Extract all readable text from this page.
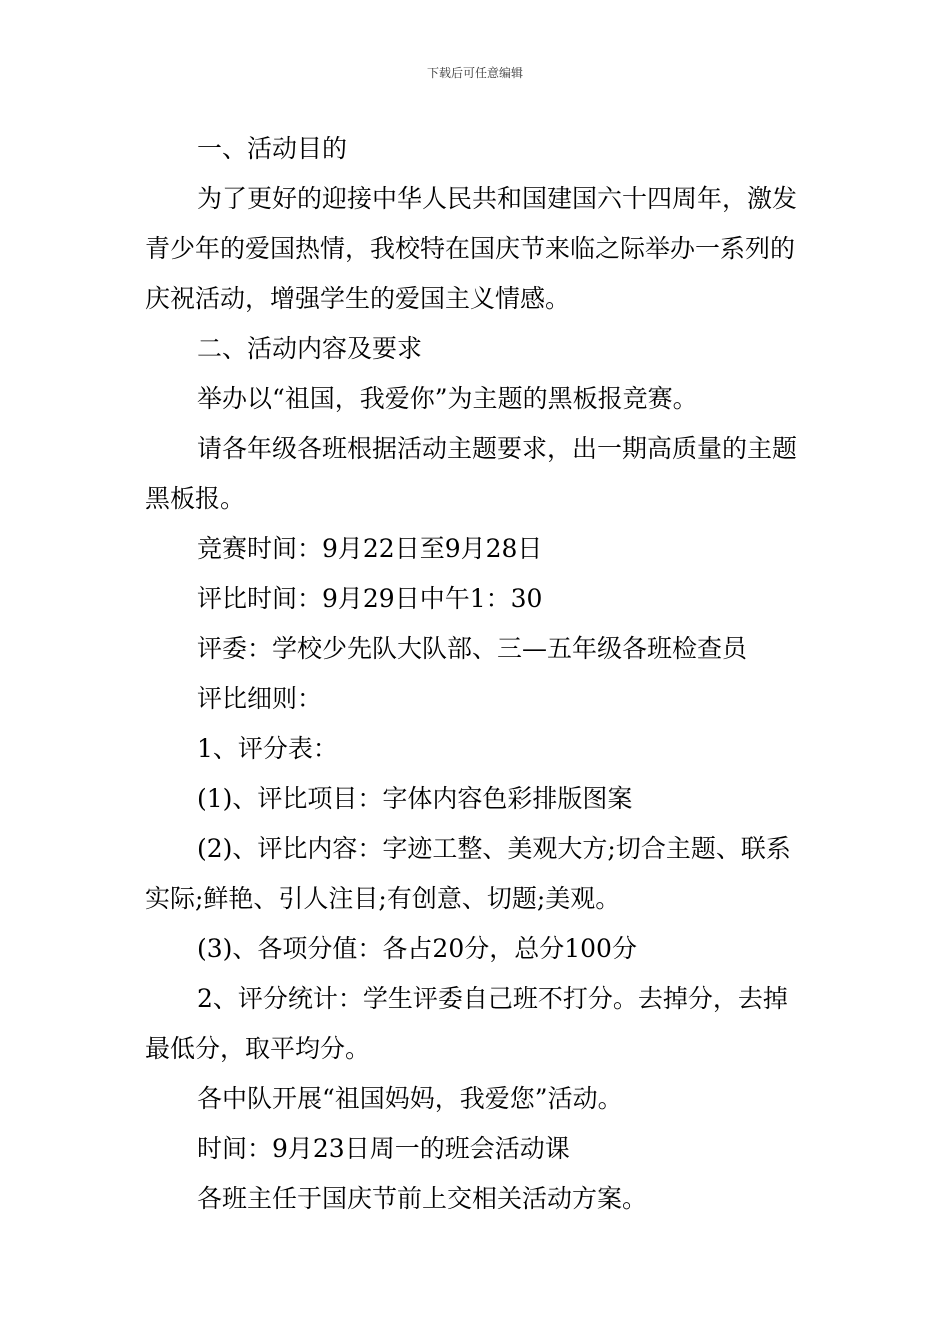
下载后可任意编辑

一、活动目的

为了更好的迎接中华人民共和国建国六十四周年，激发青少年的爱国热情，我校特在国庆节来临之际举办一系列的庆祝活动，增强学生的爱国主义情感。

二、活动内容及要求

举办以“祖国，我爱你”为主题的黑板报竞赛。

请各年级各班根据活动主题要求，出一期高质量的主题黑板报。

竞赛时间：9月22日至9月28日

评比时间：9月29日中午1：30

评委：学校少先队大队部、三—五年级各班检查员

评比细则：

1、评分表：

(1)、评比项目：字体内容色彩排版图案

(2)、评比内容：字迹工整、美观大方;切合主题、联系实际;鲜艳、引人注目;有创意、切题;美观。

(3)、各项分值：各占20分，总分100分

2、评分统计：学生评委自己班不打分。去掉分，去掉最低分，取平均分。

各中队开展“祖国妈妈，我爱您”活动。

时间：9月23日周一的班会活动课

各班主任于国庆节前上交相关活动方案。
